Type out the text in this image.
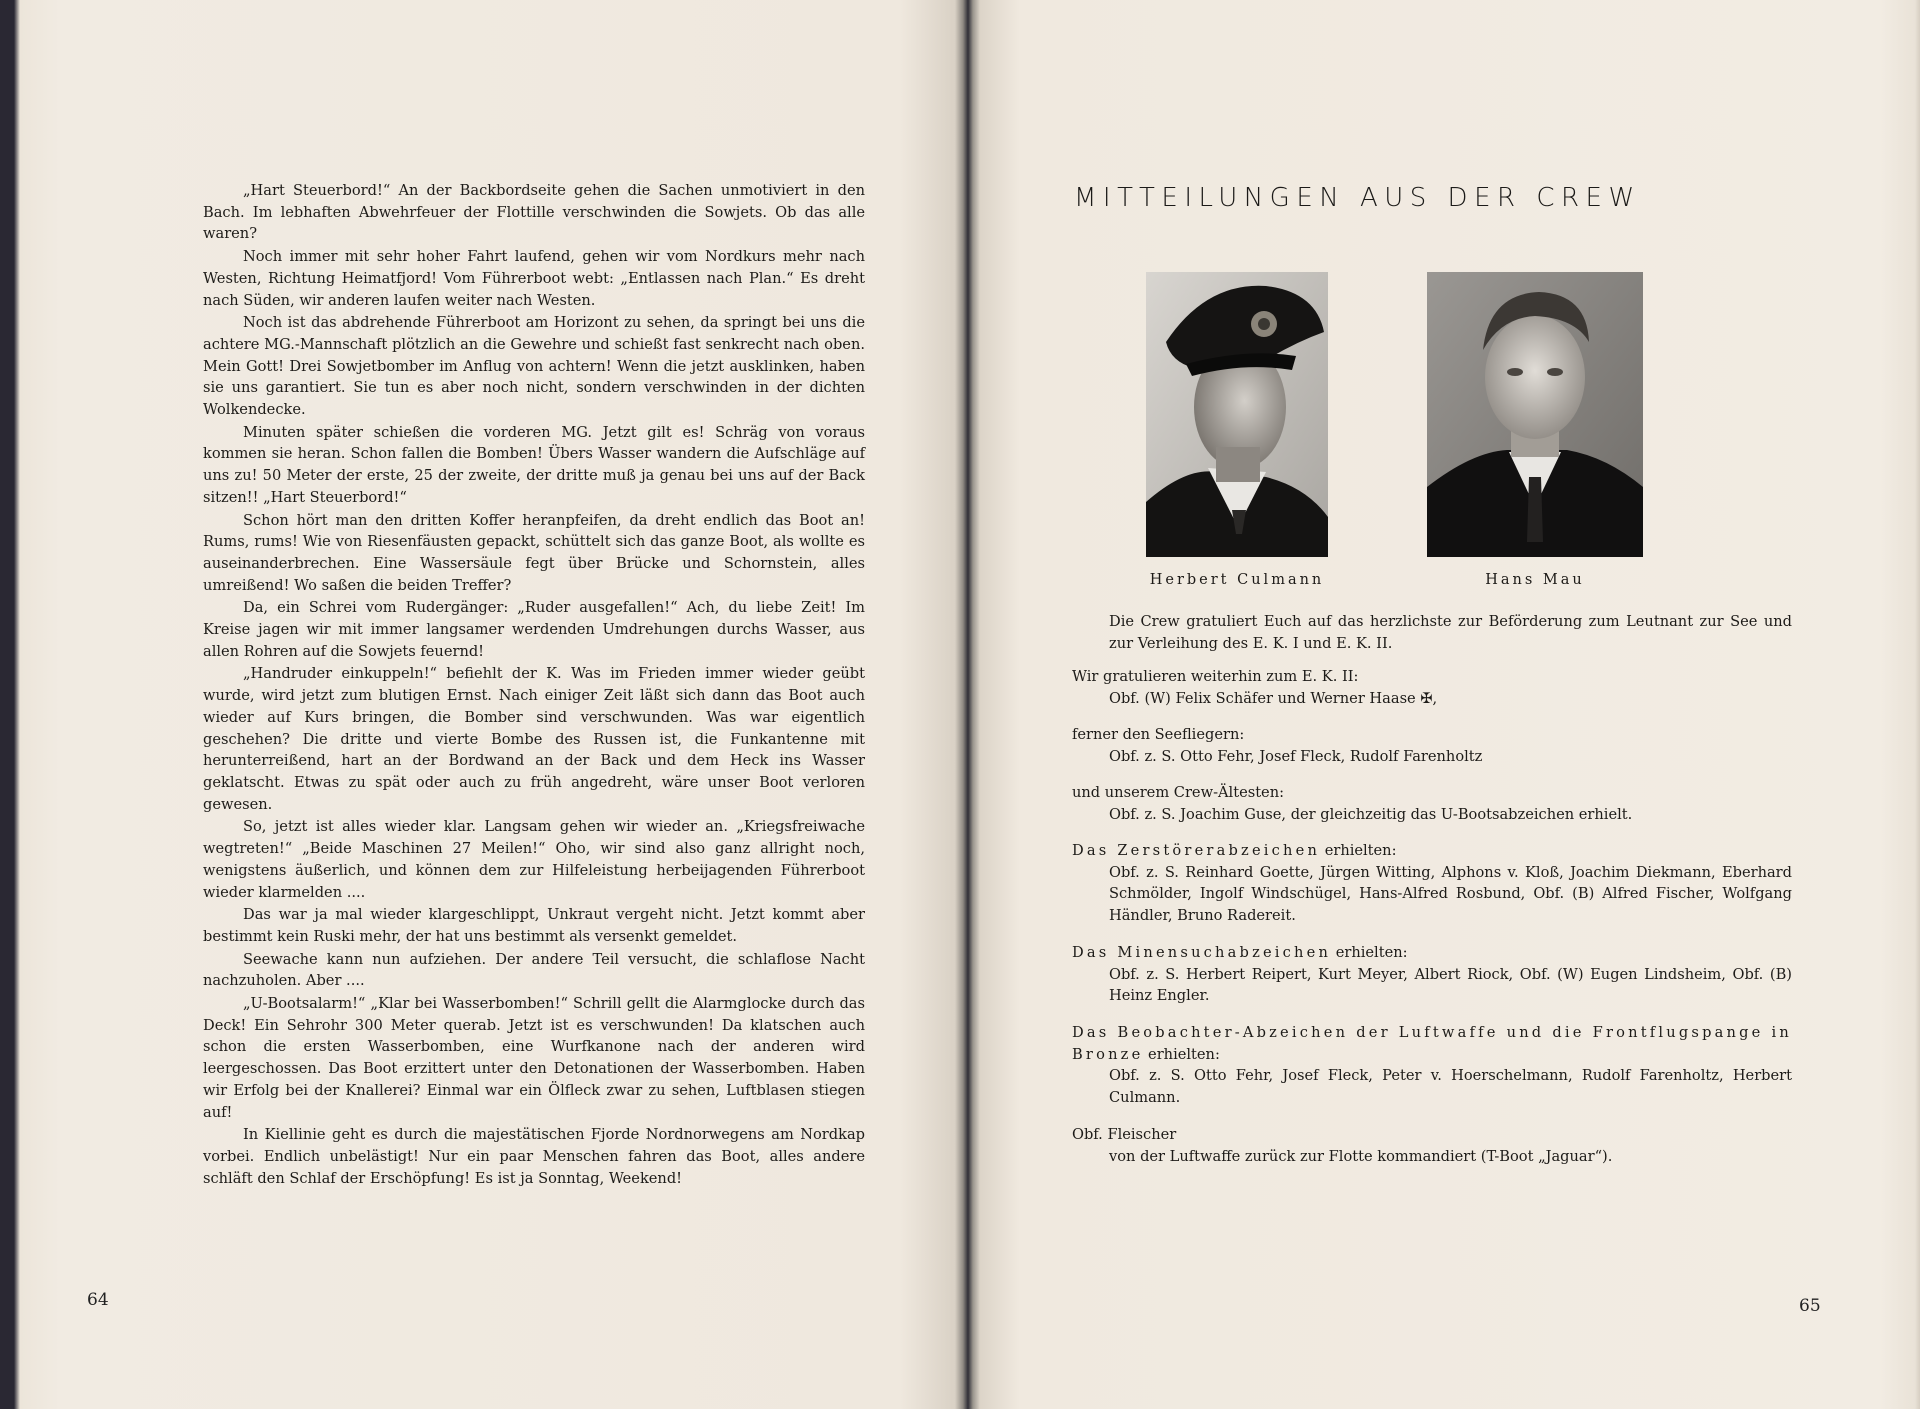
„Hart Steuerbord!“ An der Backbordseite gehen die Sachen unmotiviert in den Bach. Im lebhaften Abwehrfeuer der Flottille verschwinden die Sowjets. Ob das alle waren?

Noch immer mit sehr hoher Fahrt laufend, gehen wir vom Nordkurs mehr nach Westen, Richtung Heimatfjord! Vom Führerboot webt: „Entlassen nach Plan.“ Es dreht nach Süden, wir anderen laufen weiter nach Westen.

Noch ist das abdrehende Führerboot am Horizont zu sehen, da springt bei uns die achtere MG.-Mannschaft plötzlich an die Gewehre und schießt fast senkrecht nach oben. Mein Gott! Drei Sowjetbomber im Anflug von achtern! Wenn die jetzt ausklinken, haben sie uns garantiert. Sie tun es aber noch nicht, sondern verschwinden in der dichten Wolkendecke.

Minuten später schießen die vorderen MG. Jetzt gilt es! Schräg von voraus kommen sie heran. Schon fallen die Bomben! Übers Wasser wandern die Aufschläge auf uns zu! 50 Meter der erste, 25 der zweite, der dritte muß ja genau bei uns auf der Back sitzen!! „Hart Steuerbord!“

Schon hört man den dritten Koffer heranpfeifen, da dreht endlich das Boot an! Rums, rums! Wie von Riesenfäusten gepackt, schüttelt sich das ganze Boot, als wollte es auseinanderbrechen. Eine Wassersäule fegt über Brücke und Schornstein, alles umreißend! Wo saßen die beiden Treffer?

Da, ein Schrei vom Rudergänger: „Ruder ausgefallen!“ Ach, du liebe Zeit! Im Kreise jagen wir mit immer langsamer werdenden Umdrehungen durchs Wasser, aus allen Rohren auf die Sowjets feuernd!

„Handruder einkuppeln!“ befiehlt der K. Was im Frieden immer wieder geübt wurde, wird jetzt zum blutigen Ernst. Nach einiger Zeit läßt sich dann das Boot auch wieder auf Kurs bringen, die Bomber sind verschwunden. Was war eigentlich geschehen? Die dritte und vierte Bombe des Russen ist, die Funkantenne mit herunterreißend, hart an der Bordwand an der Back und dem Heck ins Wasser geklatscht. Etwas zu spät oder auch zu früh angedreht, wäre unser Boot verloren gewesen.

So, jetzt ist alles wieder klar. Langsam gehen wir wieder an. „Kriegsfreiwache wegtreten!“ „Beide Maschinen 27 Meilen!“ Oho, wir sind also ganz allright noch, wenigstens äußerlich, und können dem zur Hilfeleistung herbeijagenden Führerboot wieder klarmelden ....

Das war ja mal wieder klargeschlippt, Unkraut vergeht nicht. Jetzt kommt aber bestimmt kein Ruski mehr, der hat uns bestimmt als versenkt gemeldet.

Seewache kann nun aufziehen. Der andere Teil versucht, die schlaflose Nacht nachzuholen. Aber ....

„U-Bootsalarm!“ „Klar bei Wasserbomben!“ Schrill gellt die Alarmglocke durch das Deck! Ein Sehrohr 300 Meter querab. Jetzt ist es verschwunden! Da klatschen auch schon die ersten Wasserbomben, eine Wurfkanone nach der anderen wird leergeschossen. Das Boot erzittert unter den Detonationen der Wasserbomben. Haben wir Erfolg bei der Knallerei? Einmal war ein Ölfleck zwar zu sehen, Luftblasen stiegen auf!

In Kiellinie geht es durch die majestätischen Fjorde Nordnorwegens am Nordkap vorbei. Endlich unbelästigt! Nur ein paar Menschen fahren das Boot, alles andere schläft den Schlaf der Erschöpfung! Es ist ja Sonntag, Weekend!

64
MITTEILUNGEN AUS DER CREW
Herbert Culmann	Hans Mau
Die Crew gratuliert Euch auf das herzlichste zur Beförderung zum Leutnant zur See und zur Verleihung des E. K. I und E. K. II.

Wir gratulieren weiterhin zum E. K. II:

Obf. (W) Felix Schäfer und Werner Haase ✠,

ferner den Seefliegern:

Obf. z. S. Otto Fehr, Josef Fleck, Rudolf Farenholtz

und unserem Crew-Ältesten:

Obf. z. S. Joachim Guse, der gleichzeitig das U-Bootsabzeichen erhielt.

Das Zerstörerabzeichen erhielten:

Obf. z. S. Reinhard Goette, Jürgen Witting, Alphons v. Kloß, Joachim Diekmann, Eberhard Schmölder, Ingolf Windschügel, Hans-Alfred Rosbund, Obf. (B) Alfred Fischer, Wolfgang Händler, Bruno Radereit.

Das Minensuchabzeichen erhielten:

Obf. z. S. Herbert Reipert, Kurt Meyer, Albert Riock, Obf. (W) Eugen Lindsheim, Obf. (B) Heinz Engler.

Das Beobachter-Abzeichen der Luftwaffe und die Frontflugspange in Bronze erhielten:

Obf. z. S. Otto Fehr, Josef Fleck, Peter v. Hoerschelmann, Rudolf Farenholtz, Herbert Culmann.

Obf. Fleischer

von der Luftwaffe zurück zur Flotte kommandiert (T-Boot „Jaguar“).

65
